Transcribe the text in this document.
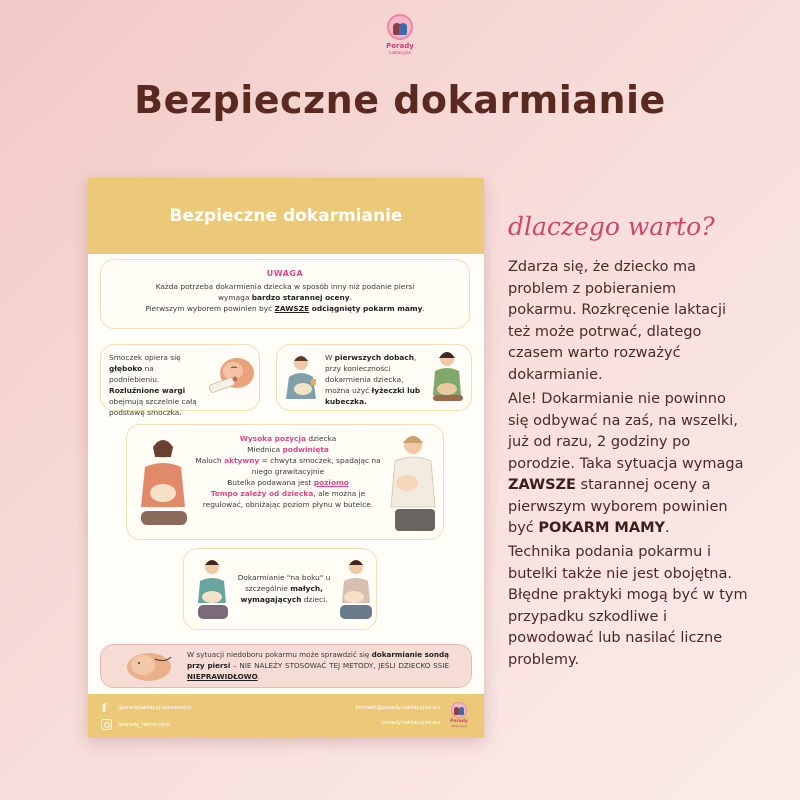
Porady
Laktacyjne
Bezpieczne dokarmianie
Bezpieczne dokarmianie
UWAGA
Każda potrzeba dokarmienia dziecka w sposób inny niż podanie piersi
wymaga bardzo starannej oceny.
Pierwszym wyborem powinien być ZAWSZE odciągnięty pokarm mamy.
Smoczek opiera się głęboko na podniebieniu. Rozluźnione wargi obejmują szczelnie całą podstawę smoczka.
W pierwszych dobach, przy konieczności dokarmienia dziecka, można użyć łyżeczki lub kubeczka.
Wysoka pozycja dziecka
Miednica podwinięta
Maluch aktywny = chwyta smoczek, spadając na niego grawitacyjnie
Butelka podawana jest poziomo
Tempo zależy od dziecka, ale można je regulować, obniżając poziom płynu w butelce.
Dokarmianie "na boku" u szczególnie małych, wymagających dzieci.
W sytuacji niedoboru pokarmu może sprawdzić się dokarmianie sondą przy piersi – NIE NALEŻY STOSOWAĆ TEJ METODY, JEŚLI DZIECKO SSIE NIEPRAWIDŁOWO.
f	/poradylaktacyjnezwisiejcz
/porady_laktacyjne
kontakt@porady-laktacyjne.eu
porady-laktacyjne.eu Porady
Laktacyjne
dlaczego warto?

Zdarza się, że dziecko ma problem z pobieraniem pokarmu. Rozkręcenie laktacji też może potrwać, dlatego czasem warto rozważyć dokarmianie.

Ale! Dokarmianie nie powinno się odbywać na zaś, na wszelki, już od razu, 2 godziny po porodzie. Taka sytuacja wymaga ZAWSZE starannej oceny a pierwszym wyborem powinien być POKARM MAMY.

Technika podania pokarmu i butelki także nie jest obojętna. Błędne praktyki mogą być w tym przypadku szkodliwe i powodować lub nasilać liczne problemy.
